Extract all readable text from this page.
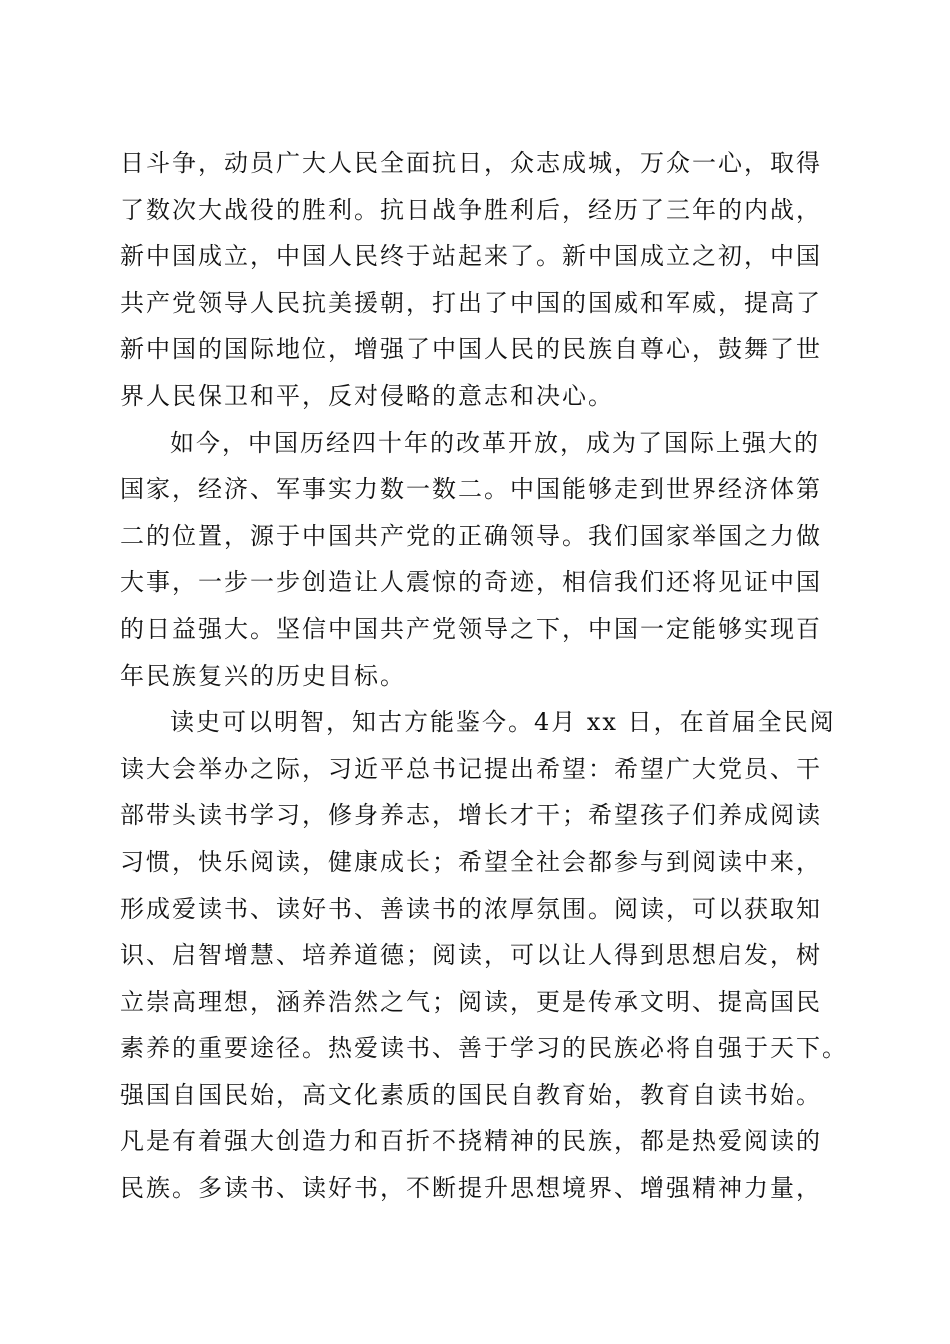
日斗争，动员广大人民全面抗日，众志成城，万众一心，取得
了数次大战役的胜利。抗日战争胜利后，经历了三年的内战，
新中国成立，中国人民终于站起来了。新中国成立之初，中国
共产党领导人民抗美援朝，打出了中国的国威和军威，提高了
新中国的国际地位，增强了中国人民的民族自尊心，鼓舞了世
界人民保卫和平，反对侵略的意志和决心。
如今，中国历经四十年的改革开放，成为了国际上强大的
国家，经济、军事实力数一数二。中国能够走到世界经济体第
二的位置，源于中国共产党的正确领导。我们国家举国之力做
大事，一步一步创造让人震惊的奇迹，相信我们还将见证中国
的日益强大。坚信中国共产党领导之下，中国一定能够实现百
年民族复兴的历史目标。
读史可以明智，知古方能鉴今。4月 xx 日，在首届全民阅
读大会举办之际，习近平总书记提出希望：希望广大党员、干
部带头读书学习，修身养志，增长才干；希望孩子们养成阅读
习惯，快乐阅读，健康成长；希望全社会都参与到阅读中来，
形成爱读书、读好书、善读书的浓厚氛围。阅读，可以获取知
识、启智增慧、培养道德；阅读，可以让人得到思想启发，树
立崇高理想，涵养浩然之气；阅读，更是传承文明、提高国民
素养的重要途径。热爱读书、善于学习的民族必将自强于天下。
强国自国民始，高文化素质的国民自教育始，教育自读书始。
凡是有着强大创造力和百折不挠精神的民族，都是热爱阅读的
民族。多读书、读好书，不断提升思想境界、增强精神力量，
